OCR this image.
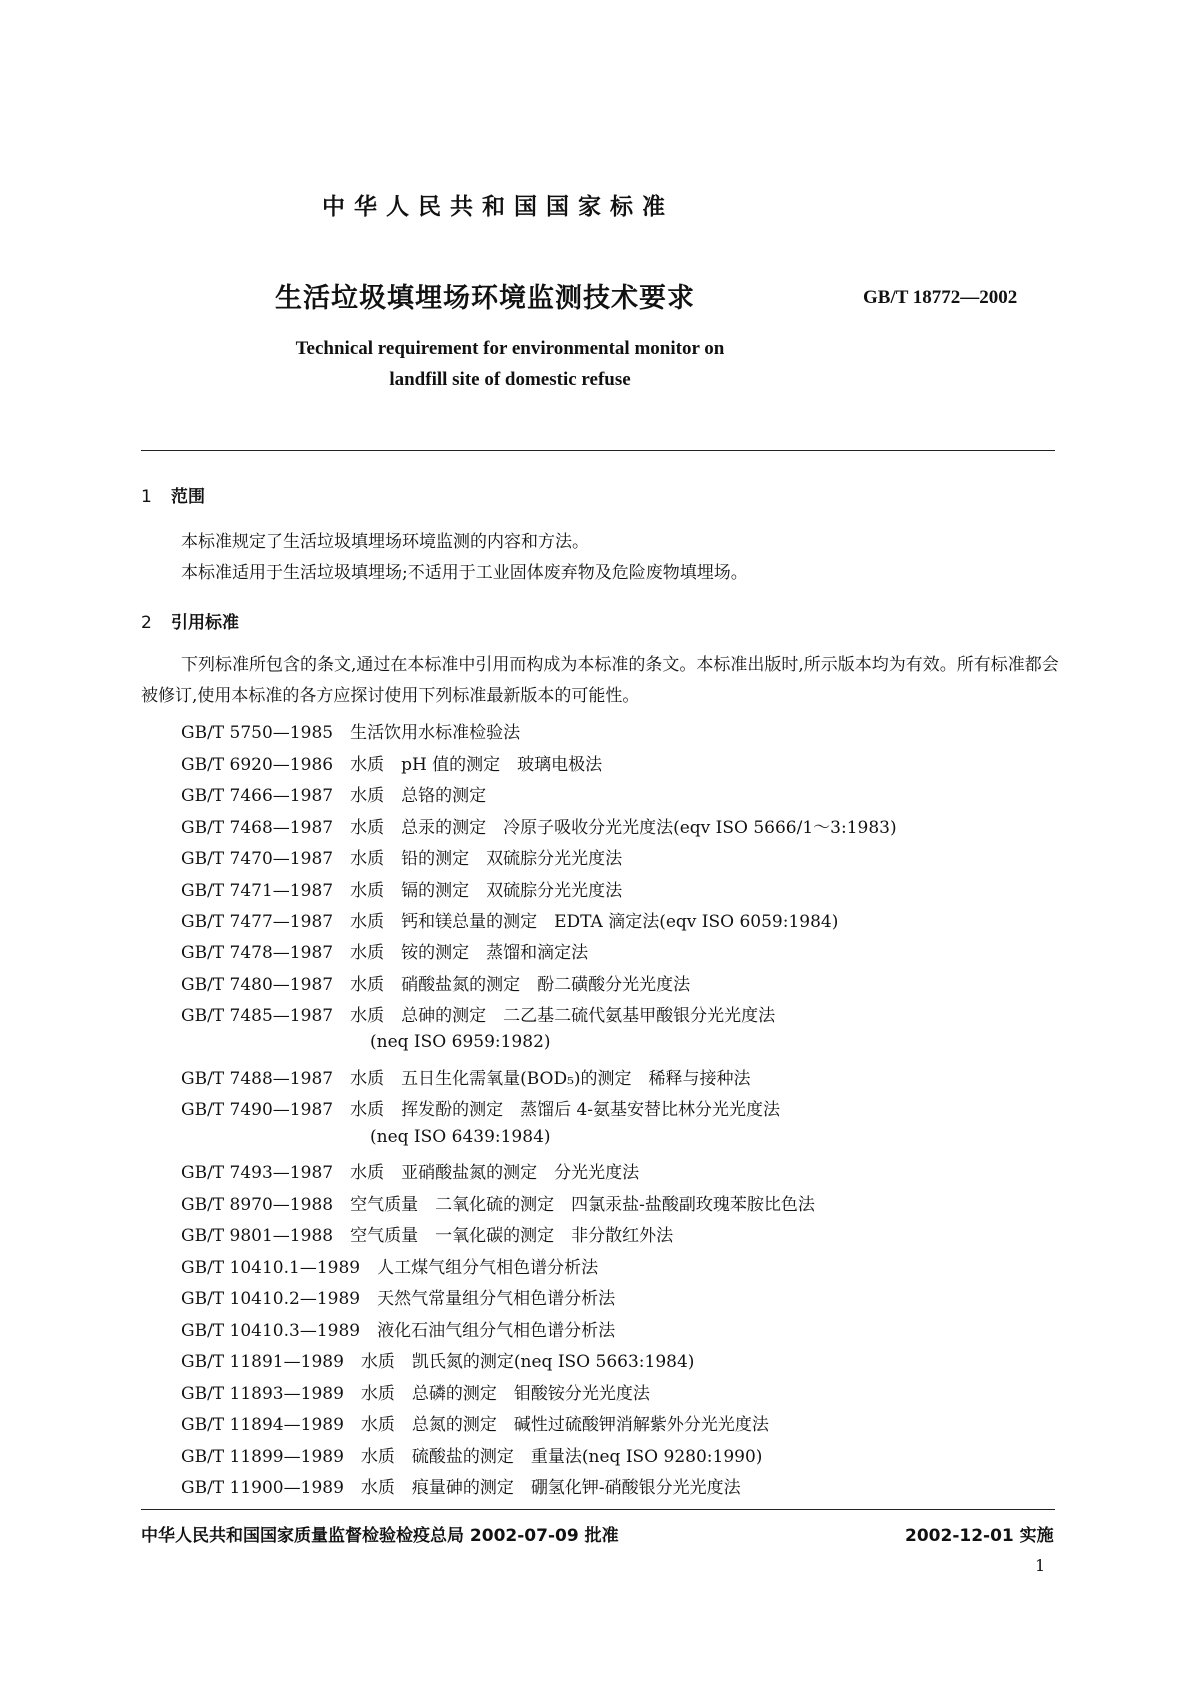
中华人民共和国国家标准
生活垃圾填埋场环境监测技术要求	GB/T 18772—2002
Technical requirement for environmental monitor on
landfill site of domestic refuse
1 范围
本标准规定了生活垃圾填埋场环境监测的内容和方法。
本标准适用于生活垃圾填埋场;不适用于工业固体废弃物及危险废物填埋场。
2 引用标准
下列标准所包含的条文,通过在本标准中引用而构成为本标准的条文。本标准出版时,所示版本均为有效。所有标准都会被修订,使用本标准的各方应探讨使用下列标准最新版本的可能性。
GB/T 5750—1985　生活饮用水标准检验法
GB/T 6920—1986　水质　pH 值的测定　玻璃电极法
GB/T 7466—1987　水质　总铬的测定
GB/T 7468—1987　水质　总汞的测定　冷原子吸收分光光度法(eqv ISO 5666/1～3:1983)
GB/T 7470—1987　水质　铅的测定　双硫腙分光光度法
GB/T 7471—1987　水质　镉的测定　双硫腙分光光度法
GB/T 7477—1987　水质　钙和镁总量的测定　EDTA 滴定法(eqv ISO 6059:1984)
GB/T 7478—1987　水质　铵的测定　蒸馏和滴定法
GB/T 7480—1987　水质　硝酸盐氮的测定　酚二磺酸分光光度法
GB/T 7485—1987　水质　总砷的测定　二乙基二硫代氨基甲酸银分光光度法
(neq ISO 6959:1982)
GB/T 7488—1987　水质　五日生化需氧量(BOD₅)的测定　稀释与接种法
GB/T 7490—1987　水质　挥发酚的测定　蒸馏后 4-氨基安替比林分光光度法
(neq ISO 6439:1984)
GB/T 7493—1987　水质　亚硝酸盐氮的测定　分光光度法
GB/T 8970—1988　空气质量　二氧化硫的测定　四氯汞盐-盐酸副玫瑰苯胺比色法
GB/T 9801—1988　空气质量　一氧化碳的测定　非分散红外法
GB/T 10410.1—1989　人工煤气组分气相色谱分析法
GB/T 10410.2—1989　天然气常量组分气相色谱分析法
GB/T 10410.3—1989　液化石油气组分气相色谱分析法
GB/T 11891—1989　水质　凯氏氮的测定(neq ISO 5663:1984)
GB/T 11893—1989　水质　总磷的测定　钼酸铵分光光度法
GB/T 11894—1989　水质　总氮的测定　碱性过硫酸钾消解紫外分光光度法
GB/T 11899—1989　水质　硫酸盐的测定　重量法(neq ISO 9280:1990)
GB/T 11900—1989　水质　痕量砷的测定　硼氢化钾-硝酸银分光光度法
中华人民共和国国家质量监督检验检疫总局 2002-07-09 批准	2002-12-01 实施
1
